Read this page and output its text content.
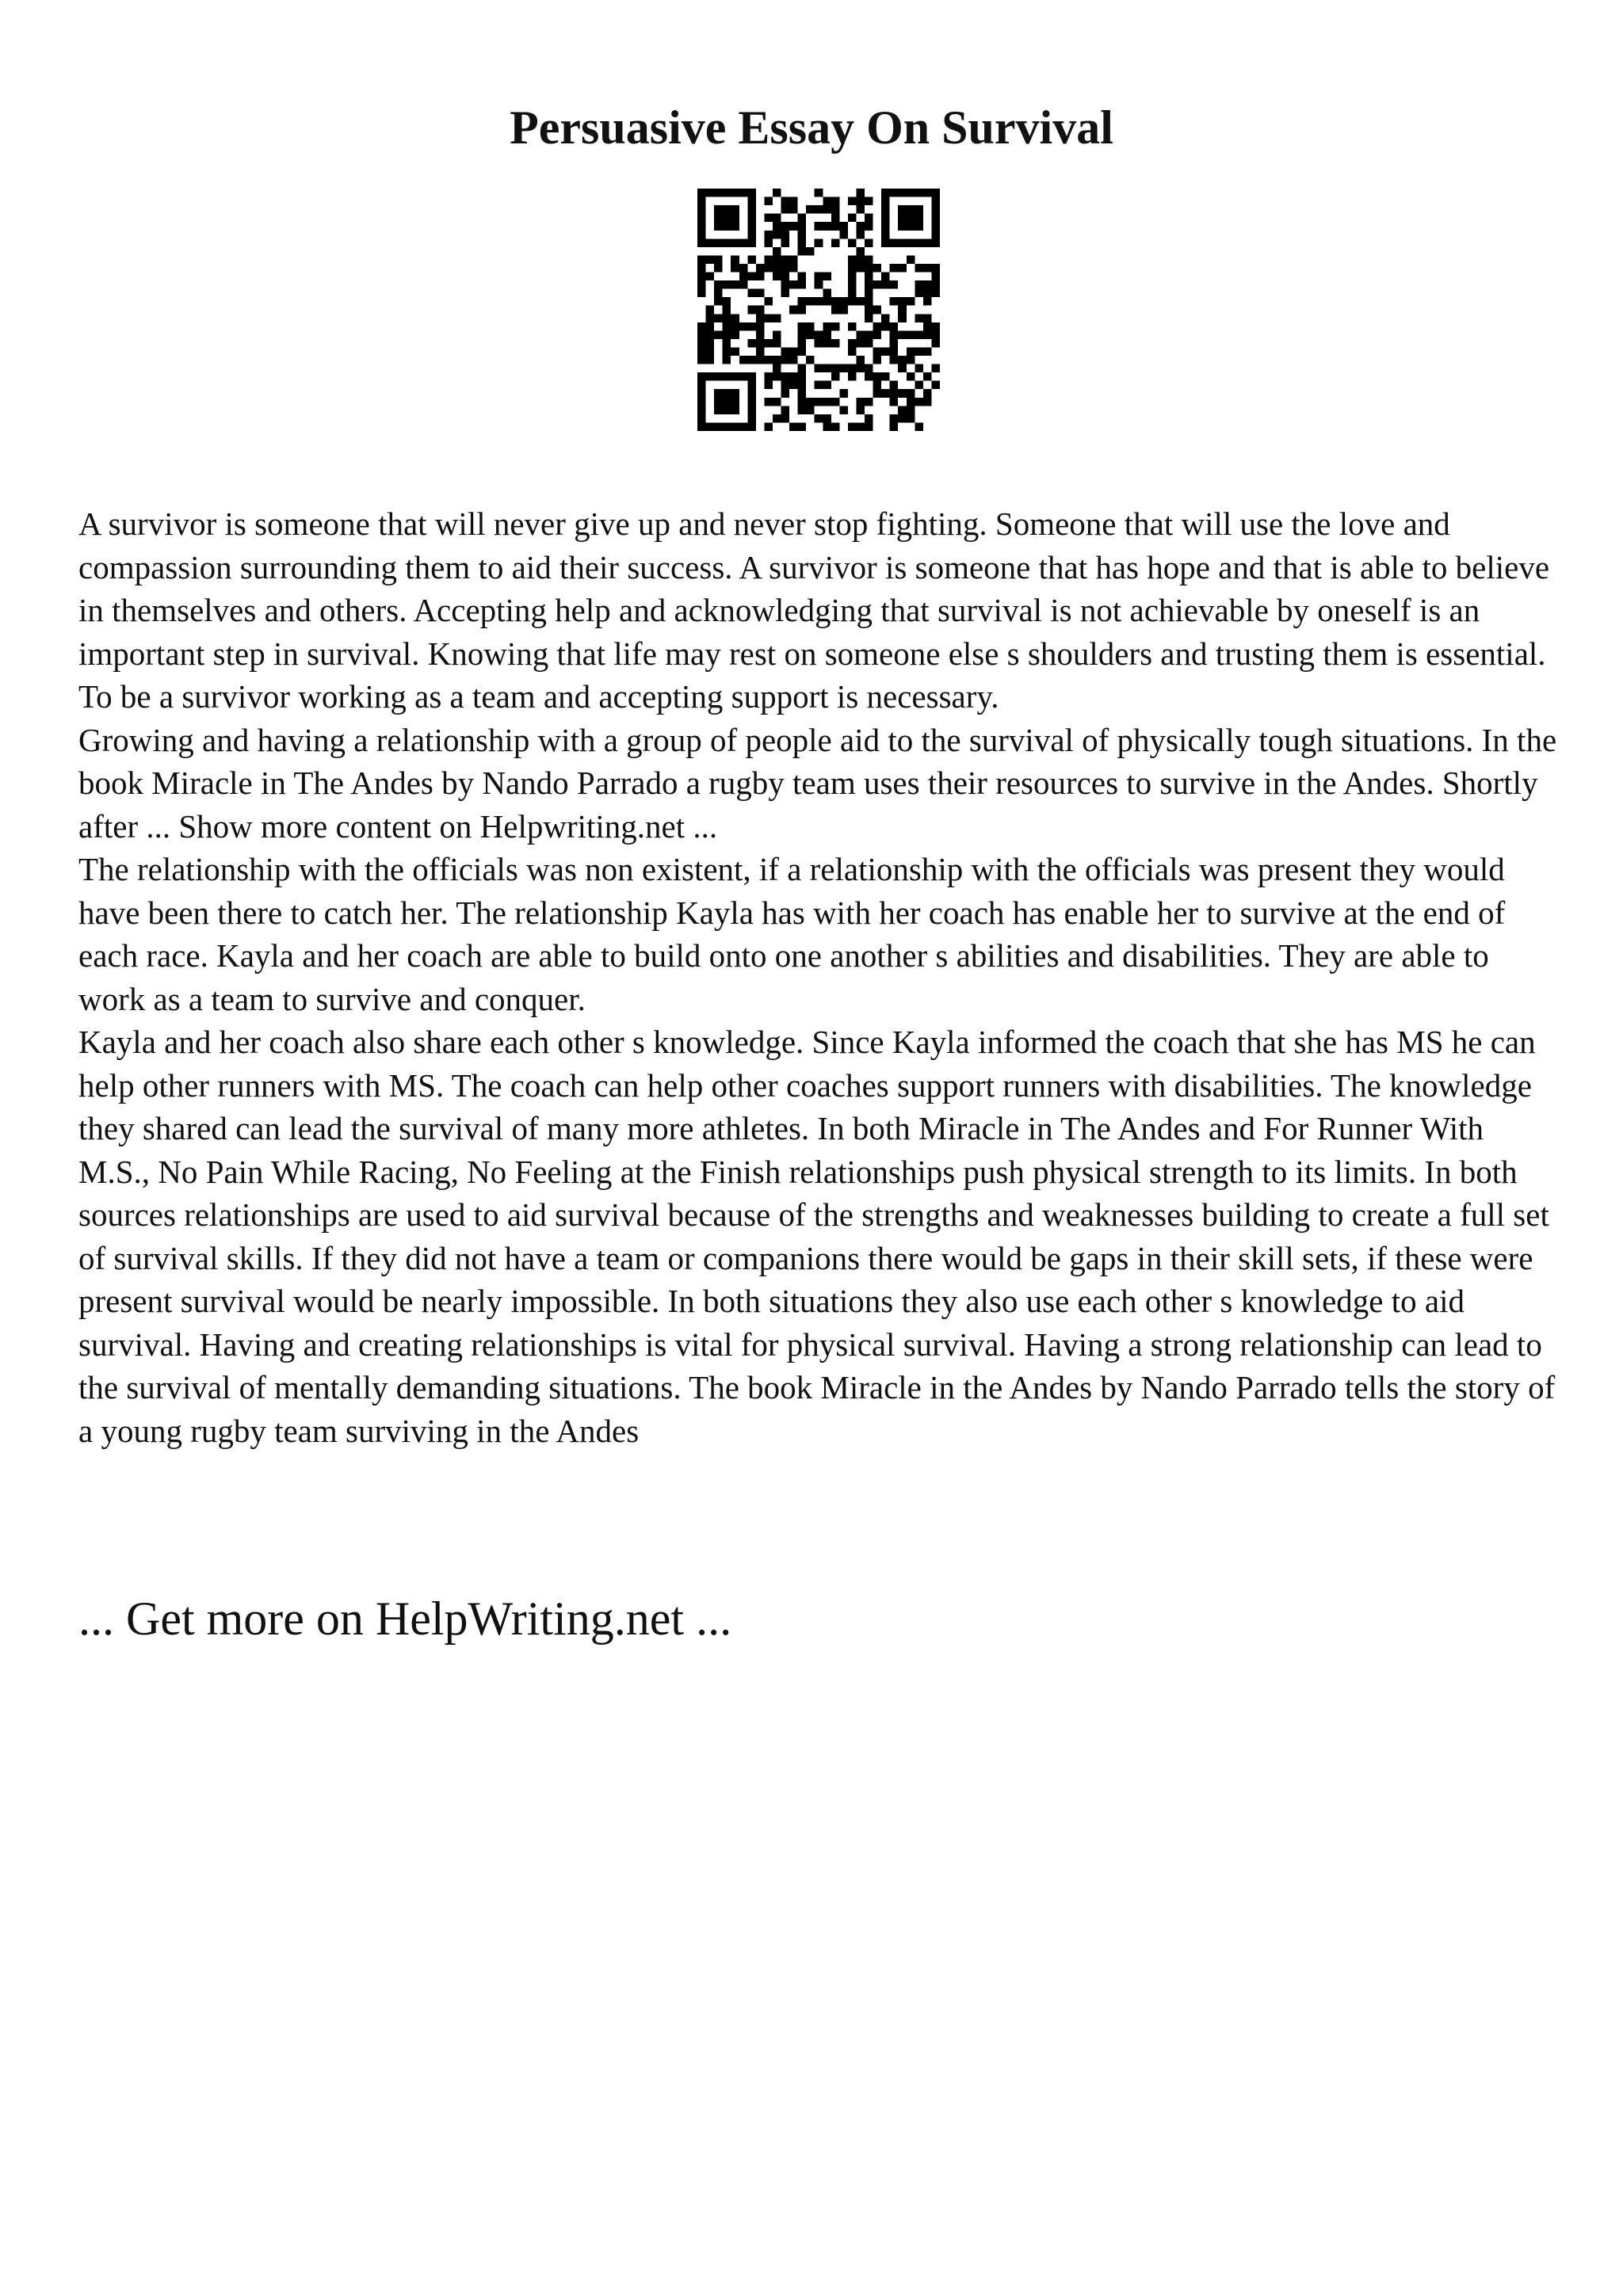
Persuasive Essay On Survival

A survivor is someone that will never give up and never stop fighting. Someone that will use the love and compassion surrounding them to aid their success. A survivor is someone that has hope and that is able to believe in themselves and others. Accepting help and acknowledging that survival is not achievable by oneself is an important step in survival. Knowing that life may rest on someone else s shoulders and trusting them is essential. To be a survivor working as a team and accepting support is necessary.

Growing and having a relationship with a group of people aid to the survival of physically tough situations. In the book Miracle in The Andes by Nando Parrado a rugby team uses their resources to survive in the Andes. Shortly after ... Show more content on Helpwriting.net ...

The relationship with the officials was non existent, if a relationship with the officials was present they would have been there to catch her. The relationship Kayla has with her coach has enable her to survive at the end of each race. Kayla and her coach are able to build onto one another s abilities and disabilities. They are able to work as a team to survive and conquer.

Kayla and her coach also share each other s knowledge. Since Kayla informed the coach that she has MS he can help other runners with MS. The coach can help other coaches support runners with disabilities. The knowledge they shared can lead the survival of many more athletes. In both Miracle in The Andes and For Runner With M.S., No Pain While Racing, No Feeling at the Finish relationships push physical strength to its limits. In both sources relationships are used to aid survival because of the strengths and weaknesses building to create a full set of survival skills. If they did not have a team or companions there would be gaps in their skill sets, if these were present survival would be nearly impossible. In both situations they also use each other s knowledge to aid survival. Having and creating relationships is vital for physical survival. Having a strong relationship can lead to the survival of mentally demanding situations. The book Miracle in the Andes by Nando Parrado tells the story of a young rugby team surviving in the Andes

... Get more on HelpWriting.net ...
